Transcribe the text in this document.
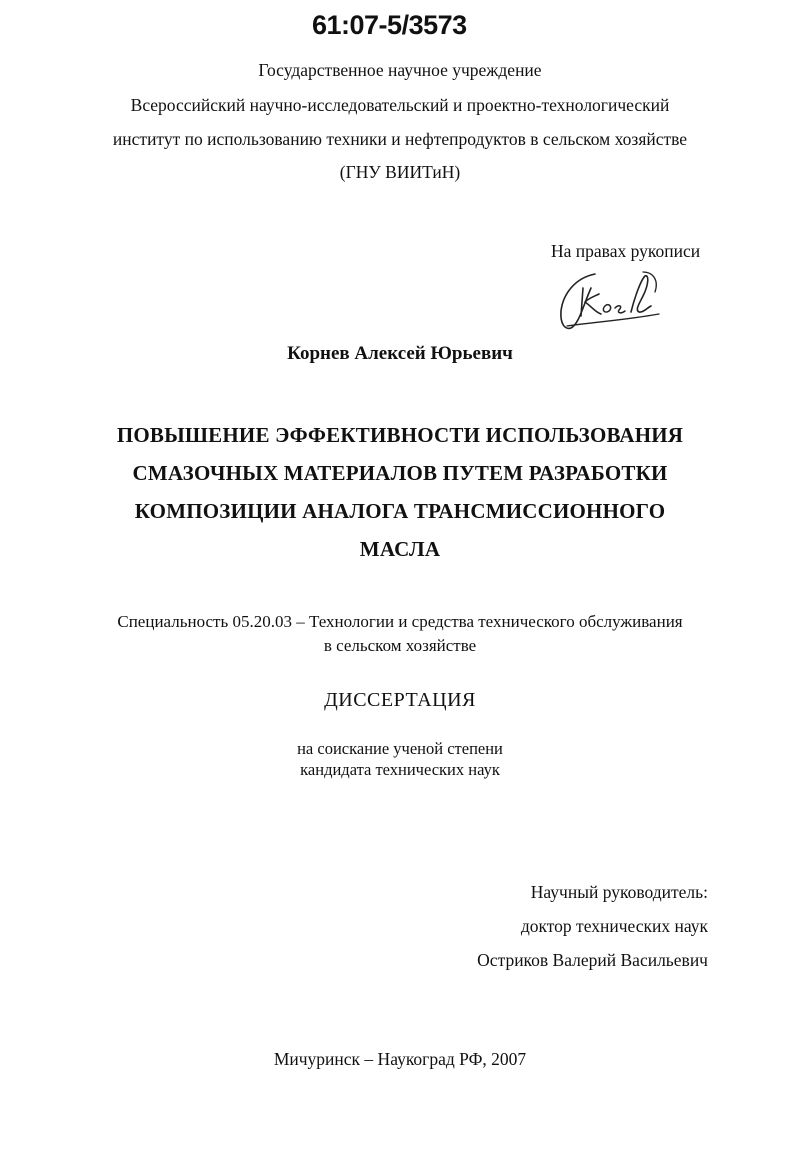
61:07-5/3573
Государственное научное учреждение
Всероссийский научно-исследовательский и проектно-технологический
институт по использованию техники и нефтепродуктов в сельском хозяйстве
(ГНУ ВИИТиН)
На правах рукописи
Корнев Алексей Юрьевич
ПОВЫШЕНИЕ ЭФФЕКТИВНОСТИ ИСПОЛЬЗОВАНИЯ
СМАЗОЧНЫХ МАТЕРИАЛОВ ПУТЕМ РАЗРАБОТКИ
КОМПОЗИЦИИ АНАЛОГА ТРАНСМИССИОННОГО
МАСЛА
Специальность 05.20.03 – Технологии и средства технического обслуживания
в сельском хозяйстве
ДИССЕРТАЦИЯ
на соискание ученой степени
кандидата технических наук
Научный руководитель:
доктор технических наук
Остриков Валерий Васильевич
Мичуринск – Наукоград РФ, 2007
